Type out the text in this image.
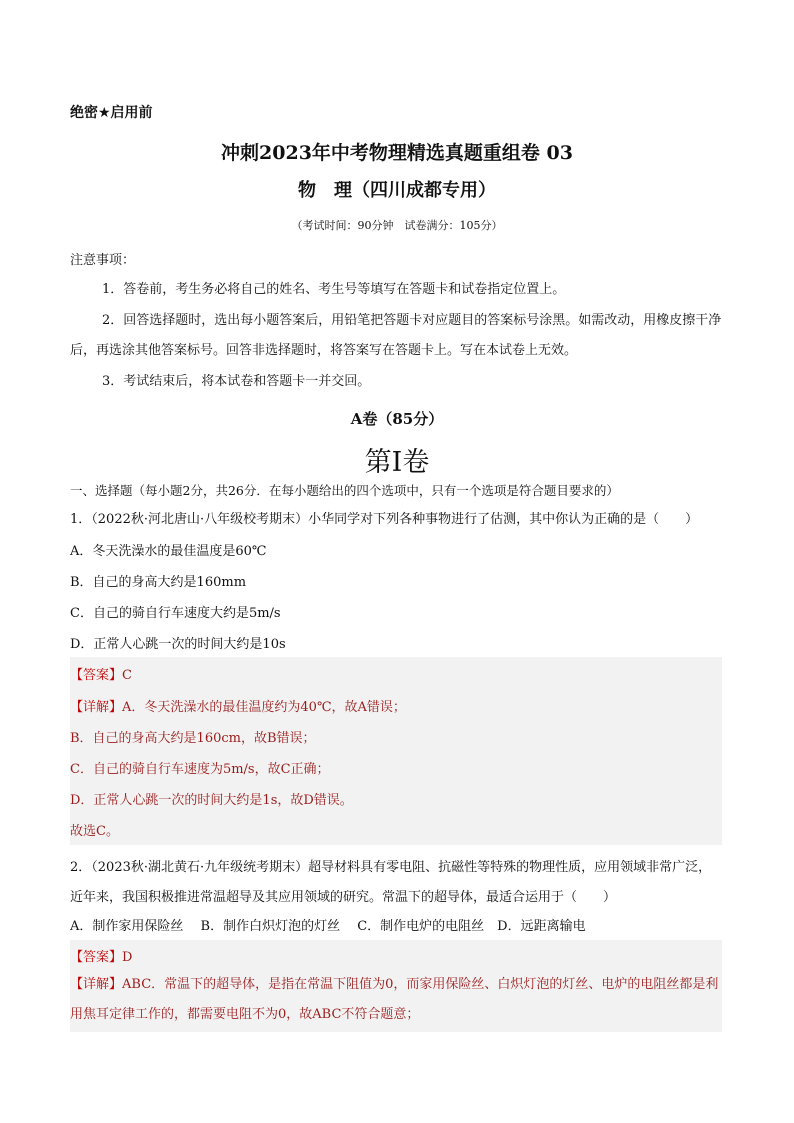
绝密★启用前
冲刺2023年中考物理精选真题重组卷 03
物　理（四川成都专用）
（考试时间：90分钟　试卷满分：105分）
注意事项：
1．答卷前，考生务必将自己的姓名、考生号等填写在答题卡和试卷指定位置上。
2．回答选择题时，选出每小题答案后，用铅笔把答题卡对应题目的答案标号涂黑。如需改动，用橡皮擦干净后，再选涂其他答案标号。回答非选择题时，将答案写在答题卡上。写在本试卷上无效。
3．考试结束后，将本试卷和答题卡一并交回。
A卷（85分）
第Ⅰ卷
一、选择题（每小题2分，共26分．在每小题给出的四个选项中，只有一个选项是符合题目要求的）
1．（2022秋·河北唐山·八年级校考期末）小华同学对下列各种事物进行了估测，其中你认为正确的是（　　）
A．冬天洗澡水的最佳温度是60℃
B．自己的身高大约是160mm
C．自己的骑自行车速度大约是5m/s
D．正常人心跳一次的时间大约是10s
【答案】C
【详解】A．冬天洗澡水的最佳温度约为40℃，故A错误；
B．自己的身高大约是160cm，故B错误；
C．自己的骑自行车速度为5m/s，故C正确；
D．正常人心跳一次的时间大约是1s，故D错误。
故选C。
2．（2023秋·湖北黄石·九年级统考期末）超导材料具有零电阻、抗磁性等特殊的物理性质，应用领域非常广泛，近年来，我国积极推进常温超导及其应用领域的研究。常温下的超导体，最适合运用于（　　）
A．制作家用保险丝　 B．制作白炽灯泡的灯丝　 C．制作电炉的电阻丝　D．远距离输电
【答案】D
【详解】ABC．常温下的超导体，是指在常温下阻值为0，而家用保险丝、白炽灯泡的灯丝、电炉的电阻丝都是利用焦耳定律工作的，都需要电阻不为0，故ABC不符合题意；
